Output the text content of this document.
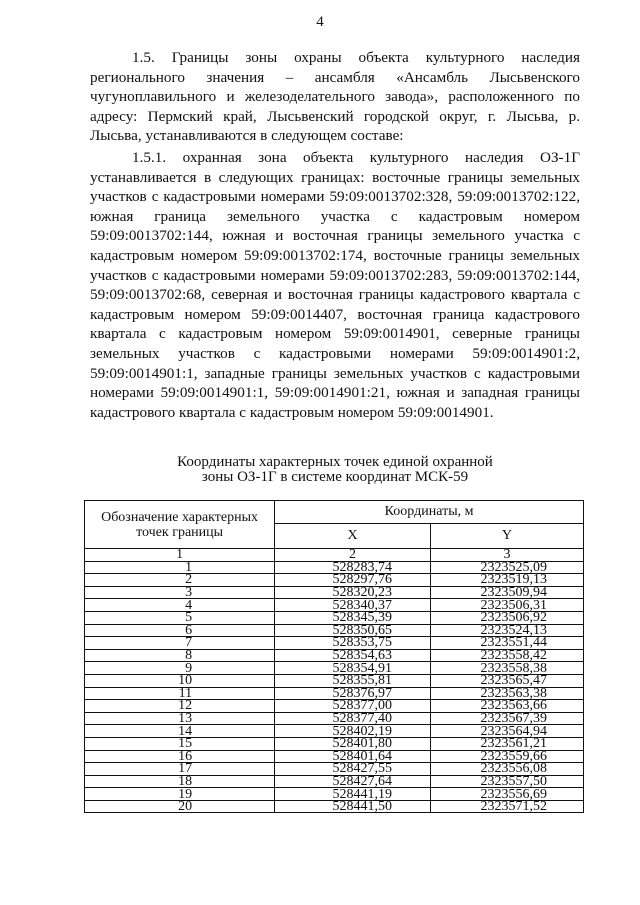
4

1.5. Границы зоны охраны объекта культурного наследия регионального значения – ансамбля «Ансамбль Лысьвенского чугуноплавильного и железоделательного завода», расположенного по адресу: Пермский край, Лысьвенский городской округ, г. Лысьва, р. Лысьва, устанавливаются в следующем составе:

1.5.1. охранная зона объекта культурного наследия ОЗ-1Г устанавливается в следующих границах: восточные границы земельных участков с кадастровыми номерами 59:09:0013702:328, 59:09:0013702:122, южная граница земельного участка с кадастровым номером 59:09:0013702:144, южная и восточная границы земельного участка с кадастровым номером 59:09:0013702:174, восточные границы земельных участков с кадастровыми номерами 59:09:0013702:283, 59:09:0013702:144, 59:09:0013702:68, северная и восточная границы кадастрового квартала с кадастровым номером 59:09:0014407, восточная граница кадастрового квартала с кадастровым номером 59:09:0014901, северные границы земельных участков с кадастровыми номерами 59:09:0014901:2, 59:09:0014901:1, западные границы земельных участков с кадастровыми номерами 59:09:0014901:1, 59:09:0014901:21, южная и западная границы кадастрового квартала с кадастровым номером 59:09:0014901.

Координаты характерных точек единой охранной
зоны ОЗ-1Г в системе координат МСК-59
Обозначение характерных точек границы	Координаты, м	
	X	Y
1	2	3
1	528283,74	2323525,09
2	528297,76	2323519,13
3	528320,23	2323509,94
4	528340,37	2323506,31
5	528345,39	2323506,92
6	528350,65	2323524,13
7	528353,75	2323551,44
8	528354,63	2323558,42
9	528354,91	2323558,38
10	528355,81	2323565,47
11	528376,97	2323563,38
12	528377,00	2323563,66
13	528377,40	2323567,39
14	528402,19	2323564,94
15	528401,80	2323561,21
16	528401,64	2323559,66
17	528427,55	2323556,08
18	528427,64	2323557,50
19	528441,19	2323556,69
20	528441,50	2323571,52
